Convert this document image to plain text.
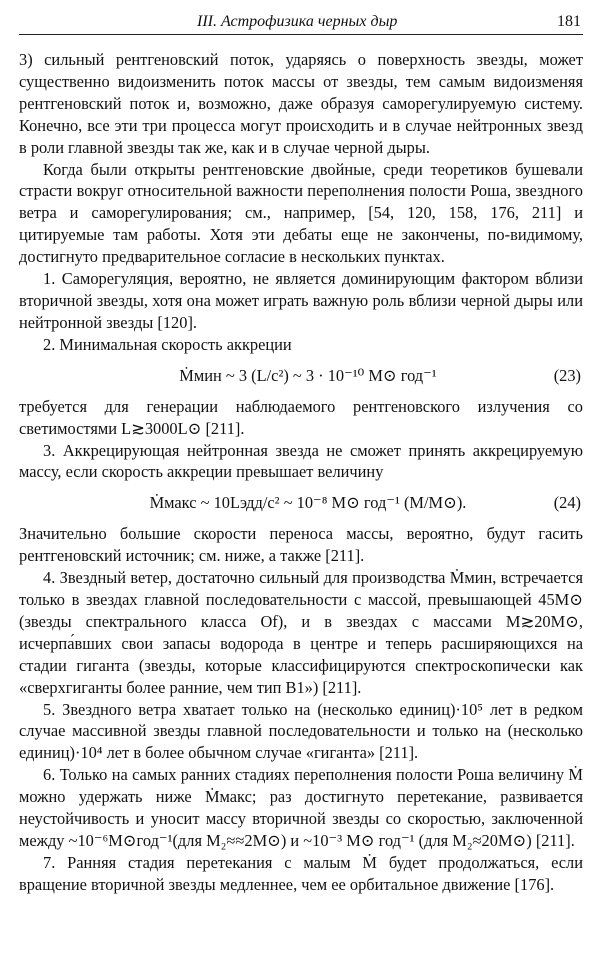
III. Астрофизика черных дыр	181

3) сильный рентгеновский поток, ударяясь о поверхность звезды, может существенно видоизменить поток массы от звезды, тем самым видоизменяя рентгеновский поток и, возможно, даже образуя саморегулируемую систему. Конечно, все эти три процесса могут происходить и в случае нейтронных звезд в роли главной звезды так же, как и в случае черной дыры.

Когда были открыты рентгеновские двойные, среди теоретиков бушевали страсти вокруг относительной важности переполнения полости Роша, звездного ветра и саморегулирования; см., например, [54, 120, 158, 176, 211] и цитируемые там работы. Хотя эти дебаты еще не закончены, по-видимому, достигнуто предварительное согласие в нескольких пунктах.

1. Саморегуляция, вероятно, не является доминирующим фактором вблизи вторичной звезды, хотя она может играть важную роль вблизи черной дыры или нейтронной звезды [120].

2. Минимальная скорость аккреции

Ṁмин ~ 3 (L/c²) ~ 3 · 10⁻¹⁰ M⊙ год⁻¹	(23)

требуется для генерации наблюдаемого рентгеновского излучения со светимостями L≳3000L⊙ [211].

3. Аккрецирующая нейтронная звезда не сможет принять аккрецируемую массу, если скорость аккреции превышает величину

Ṁмакс ~ 10Lэдд/c² ~ 10⁻⁸ M⊙ год⁻¹ (M/M⊙).	(24)

Значительно большие скорости переноса массы, вероятно, будут гасить рентгеновский источник; см. ниже, а также [211].

4. Звездный ветер, достаточно сильный для производства Ṁмин, встречается только в звездах главной последовательности с массой, превышающей 45M⊙ (звезды спектрального класса Of), и в звездах с массами M≳20M⊙, исчерпа́вших свои запасы водорода в центре и теперь расширяющихся на стадии гиганта (звезды, которые классифицируются спектроскопически как «сверхгиганты более ранние, чем тип B1») [211].

5. Звездного ветра хватает только на (несколько единиц)·10⁵ лет в редком случае массивной звезды главной последовательности и только на (несколько единиц)·10⁴ лет в более обычном случае «гиганта» [211].

6. Только на самых ранних стадиях переполнения полости Роша величину Ṁ можно удержать ниже Ṁмакс; раз достигнуто перетекание, развивается неустойчивость и уносит массу вторичной звезды со скоростью, заключенной между ~10⁻⁶M⊙год⁻¹(для M₂≈≈2M⊙) и ~10⁻³ M⊙ год⁻¹ (для M₂≈20M⊙) [211].

7. Ранняя стадия перетекания с малым Ṁ будет продолжаться, если вращение вторичной звезды медленнее, чем ее орбитальное движение [176].
